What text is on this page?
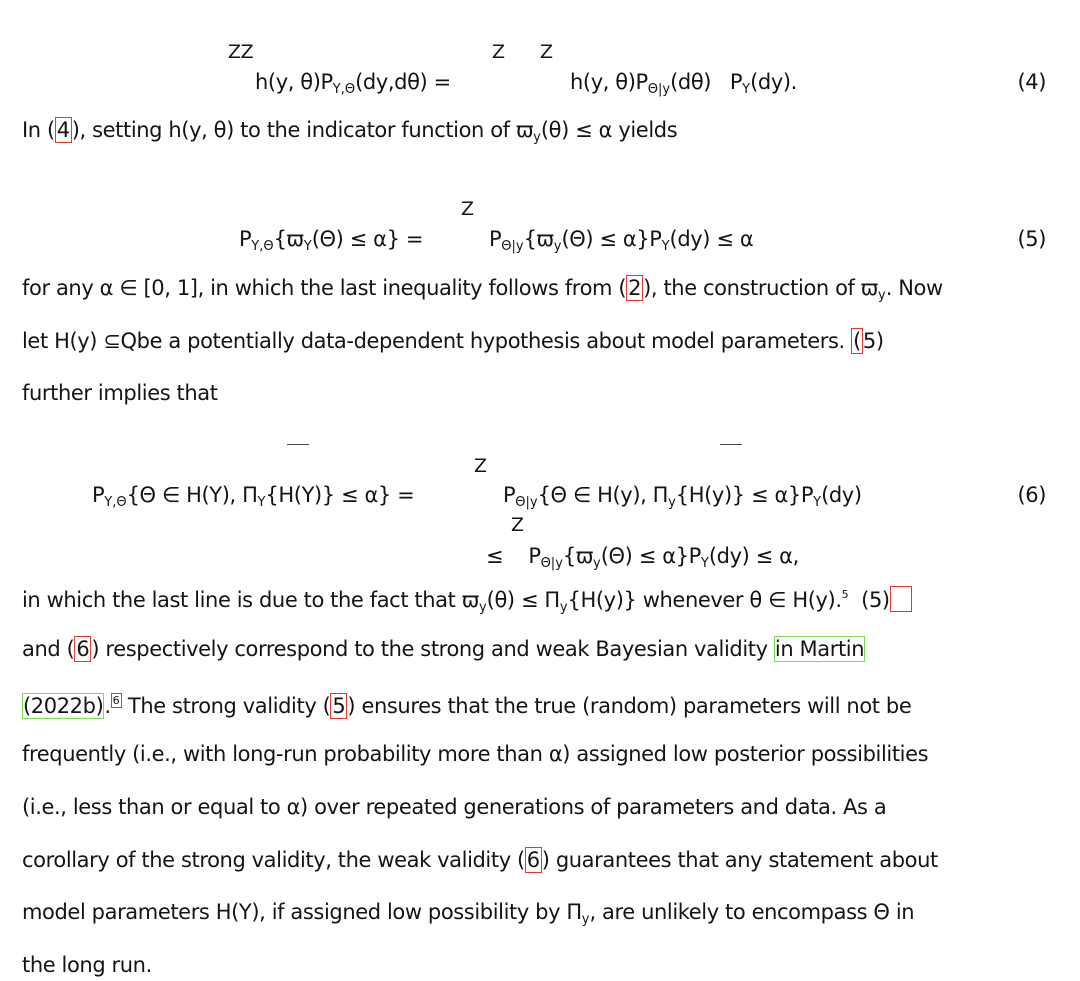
ZZ	Z Z
h(y, $\theta)P_{Y,\Theta}(dy,d\theta)$ =	h(y, $\theta)P_{\Theta|y}(d\theta)$ $P_Y(dy)$.	(4)
In (4), setting h(y, θ) to the indicator function of $ϖ_y(\theta) \le \alpha$ yields
Z
$P_{Y,\Theta}\{ϖ_Y(\Theta) \le \alpha\}$ =	$P_{\Theta|y}\{ϖ_y(\Theta) \le \alpha\}P_Y(dy) \le \alpha$	(5)
for any α ∈ [0, 1], in which the last inequality follows from (2), the construction of $ϖ_y$. Now
let H(y) ⊆Qbe a potentially data-dependent hypothesis about model parameters. (5)
further implies that
Z
$P_{Y,\Theta}\{\Theta$ ∈ H(Y), $\Pi_Y\{H(Y)\} \le \alpha$} =	$P_{\Theta|y}\{\Theta$ ∈ H(y), $\Pi_y\{H(y)\} \le \alpha\}P_Y(dy)$	(6)
Z
≤ $P_{\Theta|y}\{ϖ_y(\Theta) \le \alpha\}P_Y(dy) \le \alpha$,
in which the last line is due to the fact that $ϖ_y(\theta) \le \Pi_y\{H(y)\}$ whenever θ ∈ H(y).$^5$ (5)
and (6) respectively correspond to the strong and weak Bayesian validity in Martin
(2022b). $^6$ The strong validity (5) ensures that the true (random) parameters will not be
frequently (i.e., with long-run probability more than α) assigned low posterior possibilities
(i.e., less than or equal to α) over repeated generations of parameters and data. As a
corollary of the strong validity, the weak validity (6) guarantees that any statement about
model parameters H(Y), if assigned low possibility by $\Pi_y$, are unlikely to encompass Θ in
the long run.
